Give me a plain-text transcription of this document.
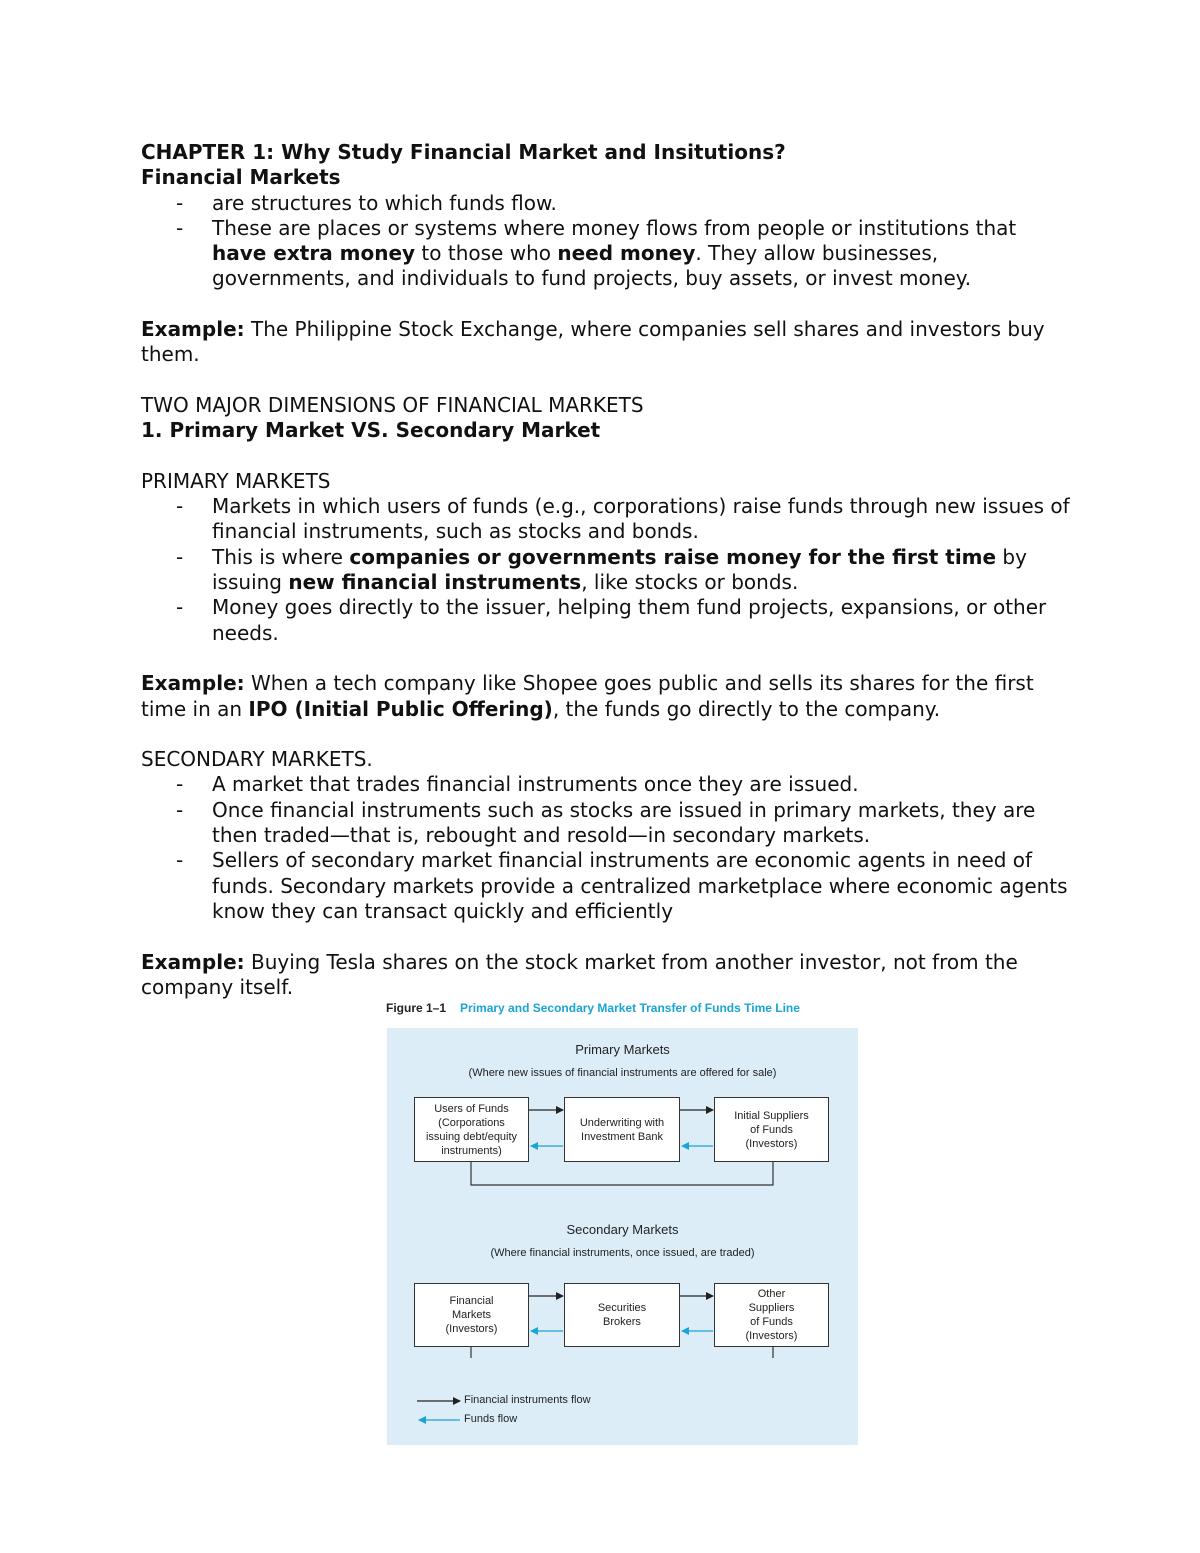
CHAPTER 1: Why Study Financial Market and Insitutions?

Financial Markets

- are structures to which funds flow.
- These are places or systems where money flows from people or institutions that have extra money to those who need money. They allow businesses, governments, and individuals to fund projects, buy assets, or invest money.

Example: The Philippine Stock Exchange, where companies sell shares and investors buy them.

TWO MAJOR DIMENSIONS OF FINANCIAL MARKETS

1. Primary Market VS. Secondary Market

PRIMARY MARKETS

- Markets in which users of funds (e.g., corporations) raise funds through new issues of financial instruments, such as stocks and bonds.
- This is where companies or governments raise money for the first time by issuing new financial instruments, like stocks or bonds.
- Money goes directly to the issuer, helping them fund projects, expansions, or other needs.

Example: When a tech company like Shopee goes public and sells its shares for the first time in an IPO (Initial Public Offering), the funds go directly to the company.

SECONDARY MARKETS.

- A market that trades financial instruments once they are issued.
- Once financial instruments such as stocks are issued in primary markets, they are then traded—that is, rebought and resold—in secondary markets.
- Sellers of secondary market financial instruments are economic agents in need of funds. Secondary markets provide a centralized marketplace where economic agents know they can transact quickly and efficiently

Example: Buying Tesla shares on the stock market from another investor, not from the company itself.

Figure 1–1 Primary and Secondary Market Transfer of Funds Time Line
Primary Markets
(Where new issues of financial instruments are offered for sale)
Users of Funds
(Corporations
issuing debt/equity
instruments)
Underwriting with
Investment Bank
Initial Suppliers
of Funds
(Investors)
Secondary Markets
(Where financial instruments, once issued, are traded)
Financial
Markets
(Investors)
Securities
Brokers
Other
Suppliers
of Funds
(Investors)
Financial instruments flow
Funds flow
